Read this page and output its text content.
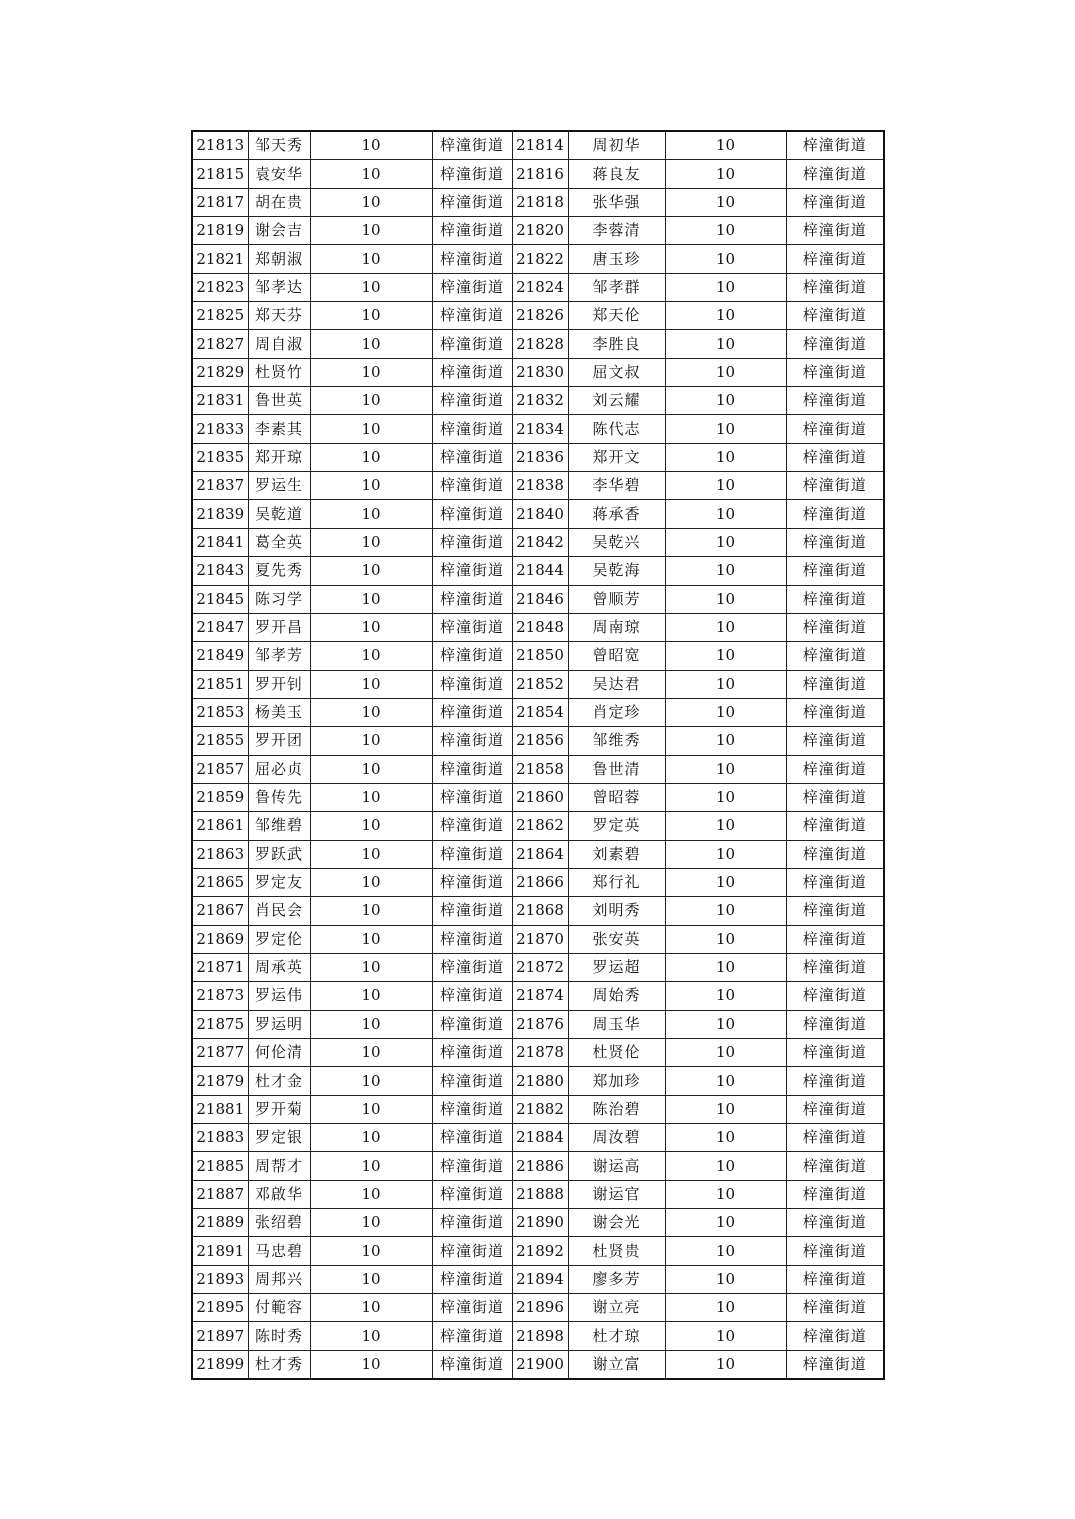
21813	邹天秀	10	梓潼街道	21814	周初华	10	梓潼街道
21815	袁安华	10	梓潼街道	21816	蒋良友	10	梓潼街道
21817	胡在贵	10	梓潼街道	21818	张华强	10	梓潼街道
21819	谢会吉	10	梓潼街道	21820	李蓉清	10	梓潼街道
21821	郑朝淑	10	梓潼街道	21822	唐玉珍	10	梓潼街道
21823	邹孝达	10	梓潼街道	21824	邹孝群	10	梓潼街道
21825	郑天芬	10	梓潼街道	21826	郑天伦	10	梓潼街道
21827	周自淑	10	梓潼街道	21828	李胜良	10	梓潼街道
21829	杜贤竹	10	梓潼街道	21830	屈文叔	10	梓潼街道
21831	鲁世英	10	梓潼街道	21832	刘云耀	10	梓潼街道
21833	李素其	10	梓潼街道	21834	陈代志	10	梓潼街道
21835	郑开琼	10	梓潼街道	21836	郑开文	10	梓潼街道
21837	罗运生	10	梓潼街道	21838	李华碧	10	梓潼街道
21839	吴乾道	10	梓潼街道	21840	蒋承香	10	梓潼街道
21841	葛全英	10	梓潼街道	21842	吴乾兴	10	梓潼街道
21843	夏先秀	10	梓潼街道	21844	吴乾海	10	梓潼街道
21845	陈习学	10	梓潼街道	21846	曾顺芳	10	梓潼街道
21847	罗开昌	10	梓潼街道	21848	周南琼	10	梓潼街道
21849	邹孝芳	10	梓潼街道	21850	曾昭宽	10	梓潼街道
21851	罗开钊	10	梓潼街道	21852	吴达君	10	梓潼街道
21853	杨美玉	10	梓潼街道	21854	肖定珍	10	梓潼街道
21855	罗开团	10	梓潼街道	21856	邹维秀	10	梓潼街道
21857	屈必贞	10	梓潼街道	21858	鲁世清	10	梓潼街道
21859	鲁传先	10	梓潼街道	21860	曾昭蓉	10	梓潼街道
21861	邹维碧	10	梓潼街道	21862	罗定英	10	梓潼街道
21863	罗跃武	10	梓潼街道	21864	刘素碧	10	梓潼街道
21865	罗定友	10	梓潼街道	21866	郑行礼	10	梓潼街道
21867	肖民会	10	梓潼街道	21868	刘明秀	10	梓潼街道
21869	罗定伦	10	梓潼街道	21870	张安英	10	梓潼街道
21871	周承英	10	梓潼街道	21872	罗运超	10	梓潼街道
21873	罗运伟	10	梓潼街道	21874	周始秀	10	梓潼街道
21875	罗运明	10	梓潼街道	21876	周玉华	10	梓潼街道
21877	何伦清	10	梓潼街道	21878	杜贤伦	10	梓潼街道
21879	杜才金	10	梓潼街道	21880	郑加珍	10	梓潼街道
21881	罗开菊	10	梓潼街道	21882	陈治碧	10	梓潼街道
21883	罗定银	10	梓潼街道	21884	周汝碧	10	梓潼街道
21885	周帮才	10	梓潼街道	21886	谢运高	10	梓潼街道
21887	邓啟华	10	梓潼街道	21888	谢运官	10	梓潼街道
21889	张绍碧	10	梓潼街道	21890	谢会光	10	梓潼街道
21891	马忠碧	10	梓潼街道	21892	杜贤贵	10	梓潼街道
21893	周邦兴	10	梓潼街道	21894	廖多芳	10	梓潼街道
21895	付範容	10	梓潼街道	21896	谢立亮	10	梓潼街道
21897	陈时秀	10	梓潼街道	21898	杜才琼	10	梓潼街道
21899	杜才秀	10	梓潼街道	21900	谢立富	10	梓潼街道
